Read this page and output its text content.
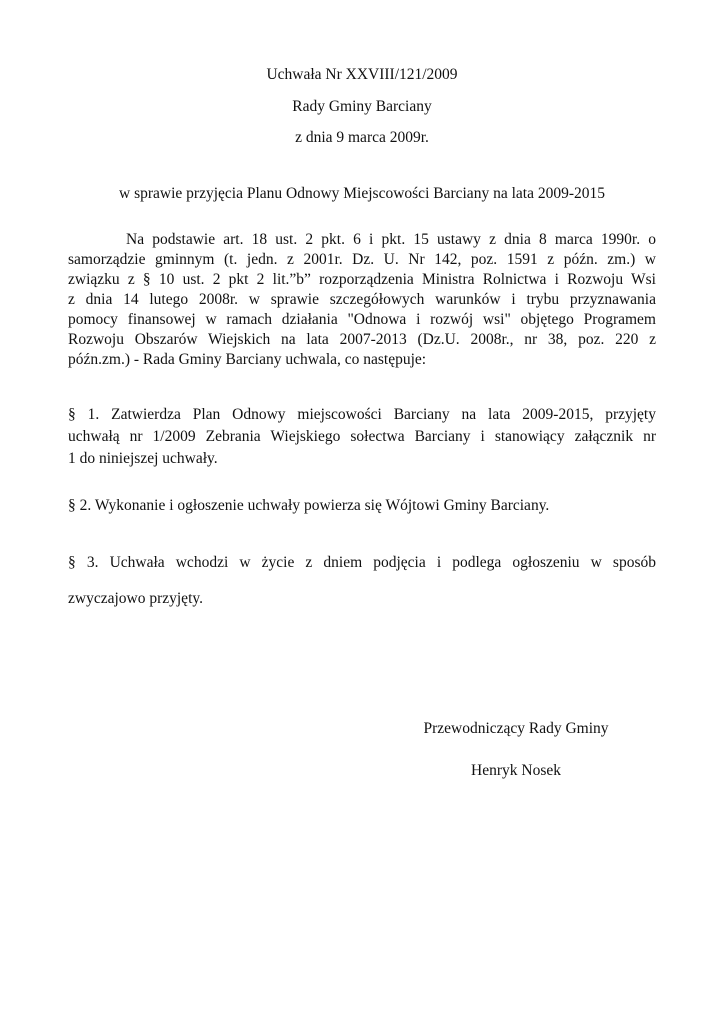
Uchwała Nr XXVIII/121/2009
Rady Gminy Barciany
z dnia 9 marca 2009r.
w sprawie przyjęcia Planu Odnowy Miejscowości Barciany na lata 2009-2015
Na podstawie art. 18 ust. 2 pkt. 6 i pkt. 15 ustawy z dnia 8 marca 1990r. o
samorządzie gminnym (t. jedn. z 2001r. Dz. U. Nr 142, poz. 1591 z późn. zm.) w
związku z § 10 ust. 2 pkt 2 lit.”b” rozporządzenia Ministra Rolnictwa i Rozwoju Wsi
z dnia 14 lutego 2008r. w sprawie szczegółowych warunków i trybu przyznawania
pomocy finansowej w ramach działania "Odnowa i rozwój wsi" objętego Programem
Rozwoju Obszarów Wiejskich na lata 2007-2013 (Dz.U. 2008r., nr 38, poz. 220 z
późn.zm.) - Rada Gminy Barciany uchwala, co następuje:
§ 1. Zatwierdza Plan Odnowy miejscowości Barciany na lata 2009-2015, przyjęty
uchwałą nr 1/2009 Zebrania Wiejskiego sołectwa Barciany i stanowiący załącznik nr
1 do niniejszej uchwały.
§ 2. Wykonanie i ogłoszenie uchwały powierza się Wójtowi Gminy Barciany.
§ 3. Uchwała wchodzi w życie z dniem podjęcia i podlega ogłoszeniu w sposób
zwyczajowo przyjęty.
Przewodniczący Rady Gminy
Henryk Nosek
